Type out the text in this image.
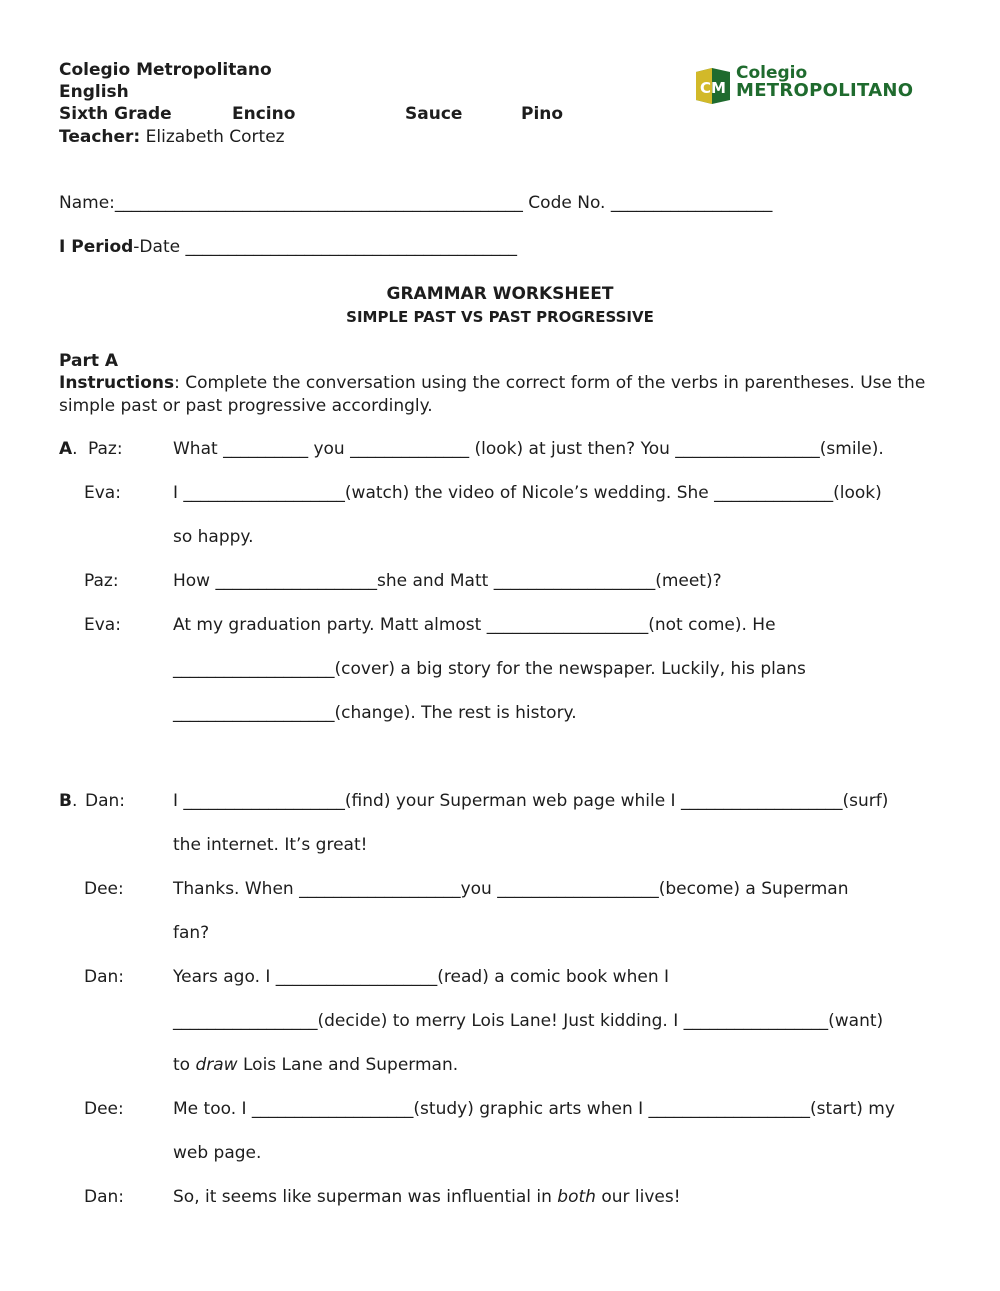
Colegio Metropolitano
English
Sixth Grade	Encino	Sauce	Pino
Teacher: Elizabeth Cortez
CM
Colegio
METROPOLITANO
Name:________________________________________________ Code No. ___________________
I Period-Date _______________________________________
GRAMMAR WORKSHEET
SIMPLE PAST VS PAST PROGRESSIVE
Part A
Instructions: Complete the conversation using the correct form of the verbs in parentheses. Use the
simple past or past progressive accordingly.
A. Paz:	What __________ you ______________ (look) at just then? You _________________(smile).
Eva:	I ___________________(watch) the video of Nicole’s wedding. She ______________(look)
so happy.
Paz:	How ___________________she and Matt ___________________(meet)?
Eva:	At my graduation party. Matt almost ___________________(not come). He
___________________(cover) a big story for the newspaper. Luckily, his plans
___________________(change). The rest is history.
B. Dan:	I ___________________(find) your Superman web page while I ___________________(surf)
the internet. It’s great!
Dee:	Thanks. When ___________________you ___________________(become) a Superman
fan?
Dan:	Years ago. I ___________________(read) a comic book when I
_________________(decide) to merry Lois Lane! Just kidding. I _________________(want)
to draw Lois Lane and Superman.
Dee:	Me too. I ___________________(study) graphic arts when I ___________________(start) my
web page.
Dan:	So, it seems like superman was influential in both our lives!
